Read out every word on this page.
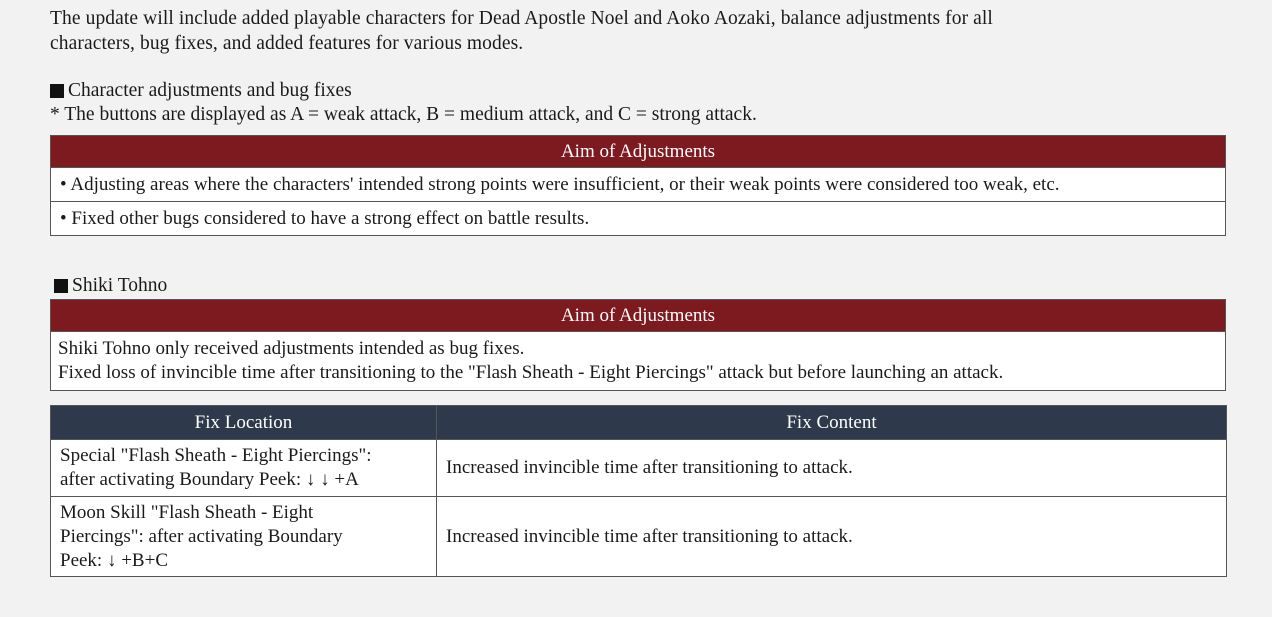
The update will include added playable characters for Dead Apostle Noel and Aoko Aozaki, balance adjustments for all
characters, bug fixes, and added features for various modes.

Character adjustments and bug fixes

* The buttons are displayed as A = weak attack, B = medium attack, and C = strong attack.

Aim of Adjustments
• Adjusting areas where the characters' intended strong points were insufficient, or their weak points were considered too weak, etc.
• Fixed other bugs considered to have a strong effect on battle results.
Shiki Tohno
Aim of Adjustments
Shiki Tohno only received adjustments intended as bug fixes.
Fixed loss of invincible time after transitioning to the "Flash Sheath - Eight Piercings" attack but before launching an attack.
Fix Location	Fix Content
Special "Flash Sheath - Eight Piercings":
after activating Boundary Peek: ↓ ↓ +A	Increased invincible time after transitioning to attack.
Moon Skill "Flash Sheath - Eight
Piercings": after activating Boundary
Peek: ↓ +B+C	Increased invincible time after transitioning to attack.
